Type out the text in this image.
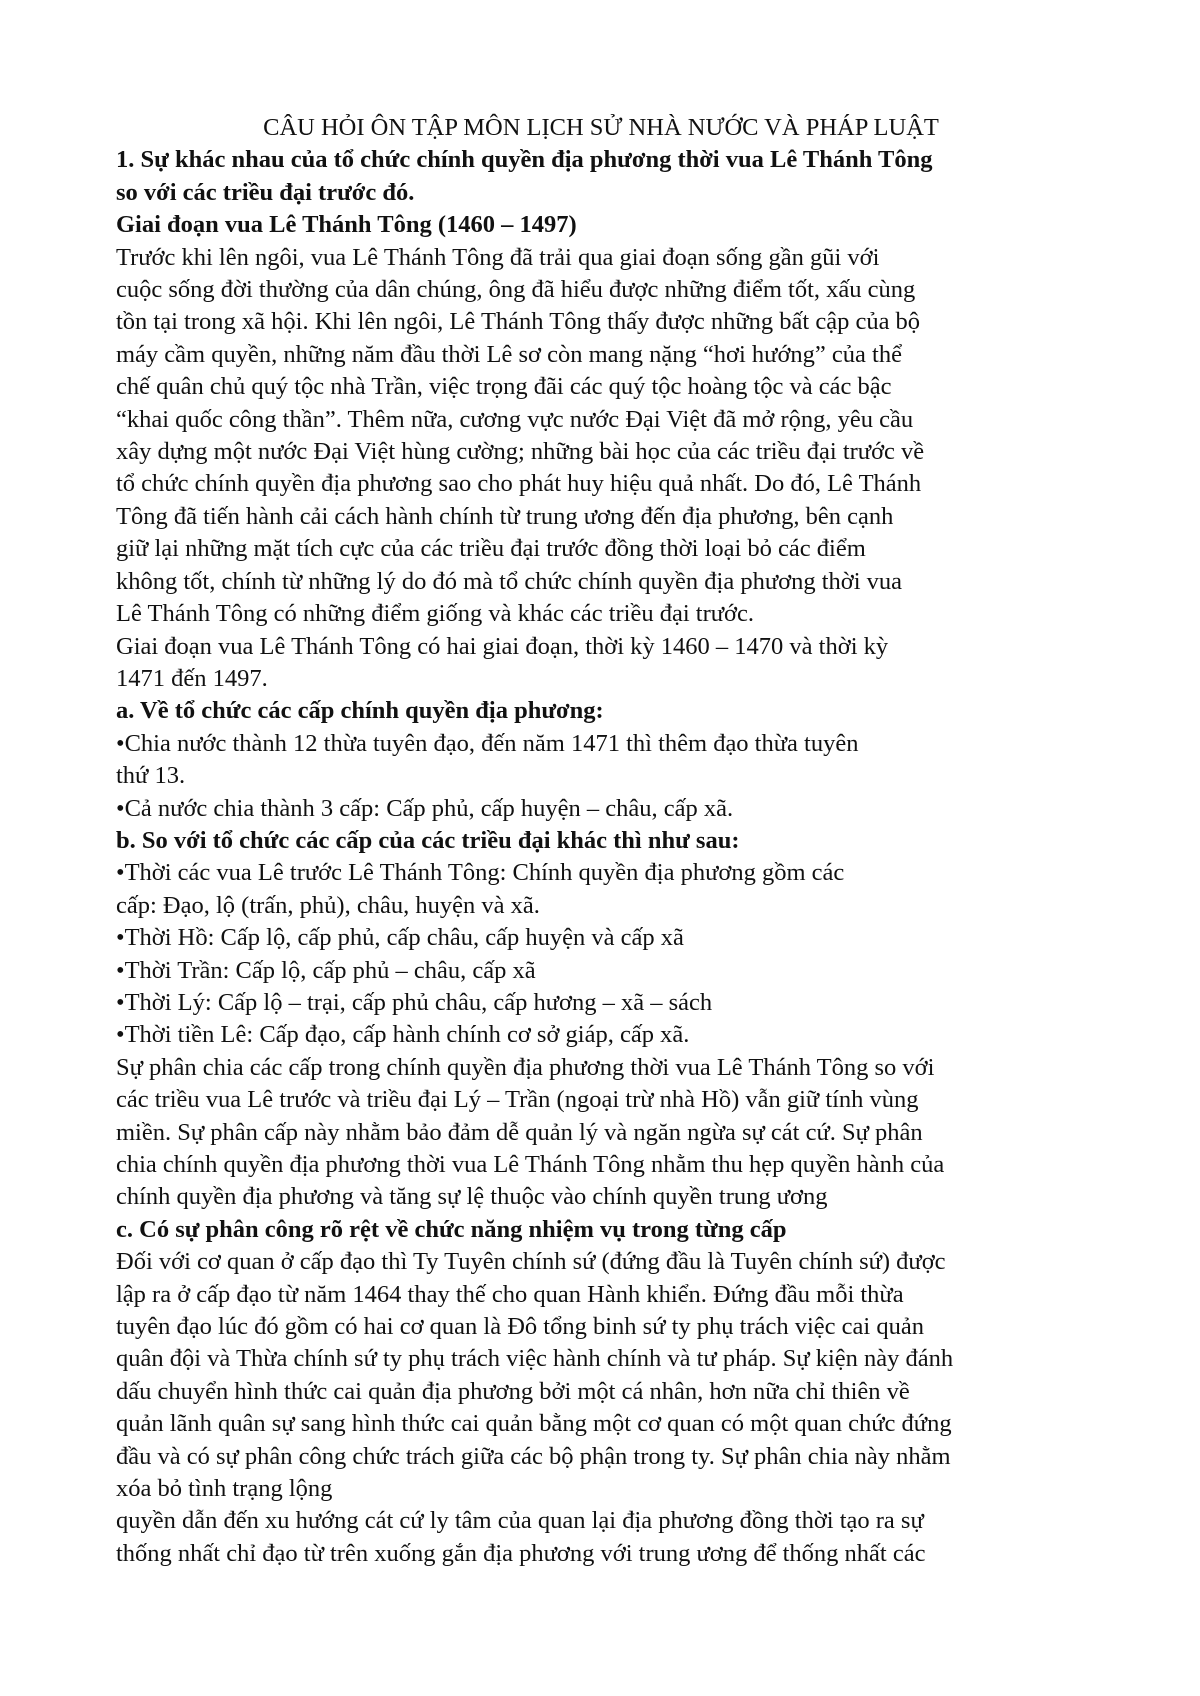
CÂU HỎI ÔN TẬP MÔN LỊCH SỬ NHÀ NƯỚC VÀ PHÁP LUẬT

1. Sự khác nhau của tổ chức chính quyền địa phương thời vua Lê Thánh Tông

so với các triều đại trước đó.

Giai đoạn vua Lê Thánh Tông (1460 – 1497)

Trước khi lên ngôi, vua Lê Thánh Tông đã trải qua giai đoạn sống gần gũi với

cuộc sống đời thường của dân chúng, ông đã hiểu được những điểm tốt, xấu cùng

tồn tại trong xã hội. Khi lên ngôi, Lê Thánh Tông thấy được những bất cập của bộ

máy cầm quyền, những năm đầu thời Lê sơ còn mang nặng “hơi hướng” của thể

chế quân chủ quý tộc nhà Trần, việc trọng đãi các quý tộc hoàng tộc và các bậc

“khai quốc công thần”. Thêm nữa, cương vực nước Đại Việt đã mở rộng, yêu cầu

xây dựng một nước Đại Việt hùng cường; những bài học của các triều đại trước về

tổ chức chính quyền địa phương sao cho phát huy hiệu quả nhất. Do đó, Lê Thánh

Tông đã tiến hành cải cách hành chính từ trung ương đến địa phương, bên cạnh

giữ lại những mặt tích cực của các triều đại trước đồng thời loại bỏ các điểm

không tốt, chính từ những lý do đó mà tổ chức chính quyền địa phương thời vua

Lê Thánh Tông có những điểm giống và khác các triều đại trước.

Giai đoạn vua Lê Thánh Tông có hai giai đoạn, thời kỳ 1460 – 1470 và thời kỳ

1471 đến 1497.

a. Về tổ chức các cấp chính quyền địa phương:

•Chia nước thành 12 thừa tuyên đạo, đến năm 1471 thì thêm đạo thừa tuyên

thứ 13.

•Cả nước chia thành 3 cấp: Cấp phủ, cấp huyện – châu, cấp xã.

b. So với tổ chức các cấp của các triều đại khác thì như sau:

•Thời các vua Lê trước Lê Thánh Tông: Chính quyền địa phương gồm các

cấp: Đạo, lộ (trấn, phủ), châu, huyện và xã.

•Thời Hồ: Cấp lộ, cấp phủ, cấp châu, cấp huyện và cấp xã

•Thời Trần: Cấp lộ, cấp phủ – châu, cấp xã

•Thời Lý: Cấp lộ – trại, cấp phủ châu, cấp hương – xã – sách

•Thời tiền Lê: Cấp đạo, cấp hành chính cơ sở giáp, cấp xã.

Sự phân chia các cấp trong chính quyền địa phương thời vua Lê Thánh Tông so với

các triều vua Lê trước và triều đại Lý – Trần (ngoại trừ nhà Hồ) vẫn giữ tính vùng

miền. Sự phân cấp này nhằm bảo đảm dễ quản lý và ngăn ngừa sự cát cứ. Sự phân

chia chính quyền địa phương thời vua Lê Thánh Tông nhằm thu hẹp quyền hành của

chính quyền địa phương và tăng sự lệ thuộc vào chính quyền trung ương

c. Có sự phân công rõ rệt về chức năng nhiệm vụ trong từng cấp

Đối với cơ quan ở cấp đạo thì Ty Tuyên chính sứ (đứng đầu là Tuyên chính sứ) được

lập ra ở cấp đạo từ năm 1464 thay thế cho quan Hành khiển. Đứng đầu mỗi thừa

tuyên đạo lúc đó gồm có hai cơ quan là Đô tổng binh sứ ty phụ trách việc cai quản

quân đội và Thừa chính sứ ty phụ trách việc hành chính và tư pháp. Sự kiện này đánh

dấu chuyển hình thức cai quản địa phương bởi một cá nhân, hơn nữa chỉ thiên về

quản lãnh quân sự sang hình thức cai quản bằng một cơ quan có một quan chức đứng

đầu và có sự phân công chức trách giữa các bộ phận trong ty. Sự phân chia này nhằm

xóa bỏ tình trạng lộng

quyền dẫn đến xu hướng cát cứ ly tâm của quan lại địa phương đồng thời tạo ra sự

thống nhất chỉ đạo từ trên xuống gắn địa phương với trung ương để thống nhất các
